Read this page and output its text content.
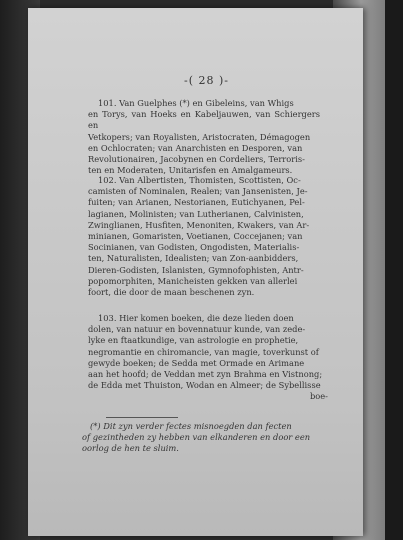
-( 28 )-

101. Van Guelphes (*) en Gibeleins, van Whigs

en Torys, van Hoeks en Kabeljauwen, van Schiergers en

Vetkopers; van Royalisten, Aristocraten, Démagogen

en Ochlocraten; van Anarchisten en Desporen, van

Revolutionairen, Jacobynen en Cordeliers, Terroris-

ten en Moderaten, Unitarisfen en Amalgameurs.

102. Van Albertisten, Thomisten, Scottisten, Oc-

camisten of Nominalen, Realen; van Jansenisten, Je-

fuiten; van Arianen, Nestorianen, Eutichyanen, Pel-

lagianen, Molinisten; van Lutherianen, Calvinisten,

Zwinglianen, Husfiten, Menoniten, Kwakers, van Ar-

minianen, Gomaristen, Voetianen, Coccejanen; van

Socinianen, van Godisten, Ongodisten, Materialis-

ten, Naturalisten, Idealisten; van Zon-aanbidders,

Dieren-Godisten, Islanisten, Gymnofophisten, Antr-

popomorphiten, Manicheisten gekken van allerlei

foort, die door de maan beschenen zyn.

103. Hier komen boeken, die deze lieden doen

dolen, van natuur en bovennatuur kunde, van zede-

lyke en ftaatkundige, van astrologie en prophetie,

negromantie en chiromancie, van magie, toverkunst of

gewyde boeken; de Sedda met Ormade en Arimane

aan het hoofd; de Veddan met zyn Brahma en Vistnong;

de Edda met Thuiston, Wodan en Almeer; de Sybellisse

boe-

(*) Dit zyn verder fectes misnoegden dan fecten

of gezintheden zy hebben van elkanderen en door een

oorlog de hen te sluim.
